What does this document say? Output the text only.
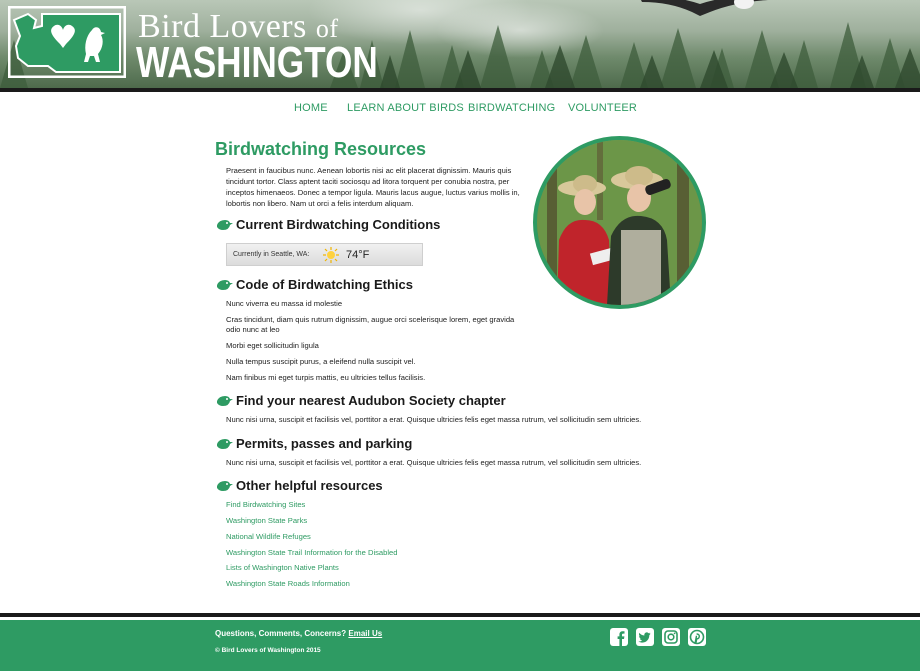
Bird Lovers of
WASHINGTON
HOME LEARN ABOUT BIRDS BIRDWATCHING VOLUNTEER
Birdwatching Resources

Praesent in faucibus nunc. Aenean lobortis nisi ac elit placerat dignissim. Mauris quis tincidunt tortor. Class aptent taciti sociosqu ad litora torquent per conubia nostra, per inceptos himenaeos. Donec a tempor ligula. Mauris lacus augue, luctus varius mollis in, lobortis non libero. Nam ut orci a felis interdum aliquam.

Current Birdwatching Conditions
Currently in Seattle, WA:	74°F
Code of Birdwatching Ethics
Nunc viverra eu massa id molestie
Cras tincidunt, diam quis rutrum dignissim, augue orci scelerisque lorem, eget gravida odio nunc at leo
Morbi eget sollicitudin ligula
Nulla tempus suscipit purus, a eleifend nulla suscipit vel.
Nam finibus mi eget turpis mattis, eu ultricies tellus facilisis.
Find your nearest Audubon Society chapter
Nunc nisi urna, suscipit et facilisis vel, porttitor a erat. Quisque ultricies felis eget massa rutrum, vel sollicitudin sem ultricies.
Permits, passes and parking
Nunc nisi urna, suscipit et facilisis vel, porttitor a erat. Quisque ultricies felis eget massa rutrum, vel sollicitudin sem ultricies.
Other helpful resources
Find Birdwatching Sites
Washington State Parks
National Wildlife Refuges
Washington State Trail Information for the Disabled
Lists of Washington Native Plants
Washington State Roads Information
Questions, Comments, Concerns? Email Us
© Bird Lovers of Washington 2015
